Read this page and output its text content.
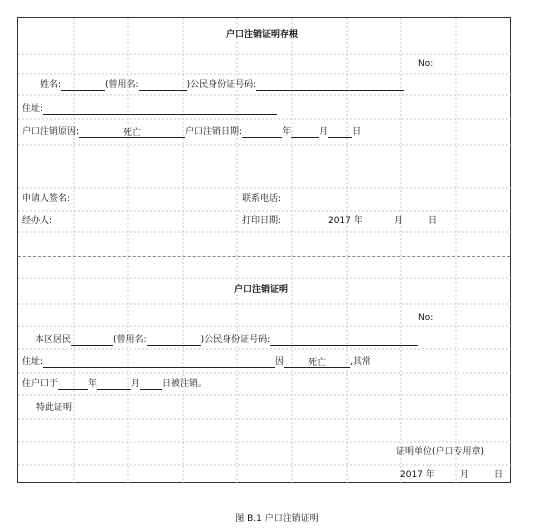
户口注销证明存根
No:
姓名:	(曾用名:	)公民身份证号码:
住址:
户口注销原因:	死亡	户口注销日期:	年	月	日
申请人签名:	联系电话:
经办人:	打印日期:	2017 年	月	日
户口注销证明
No:
本区居民	(曾用名:	)公民身份证号码:
住址:	因	死亡	,其常
住户口于	年	月 日被注销。
特此证明
证明单位(户口专用章)
2017 年	月	日
图 B.1 户口注销证明
